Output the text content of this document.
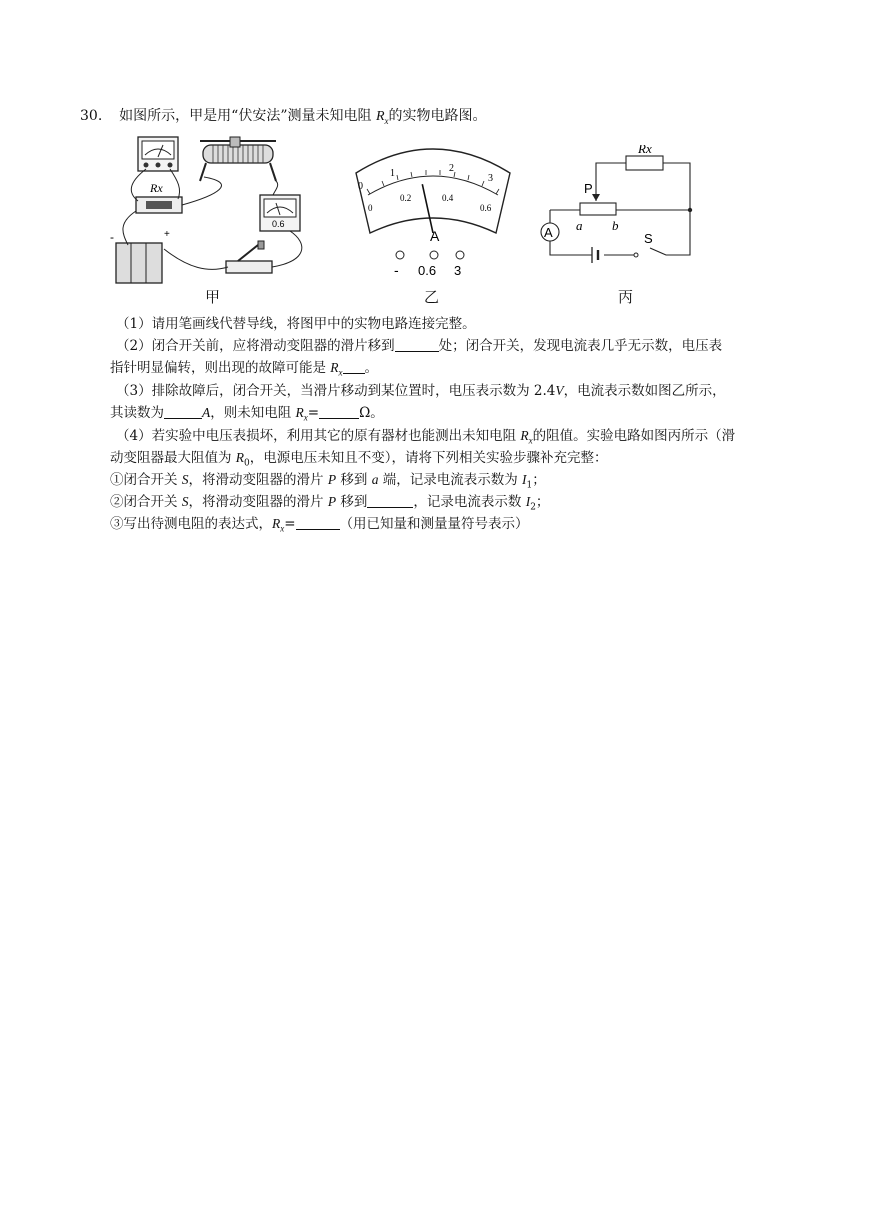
30. 如图所示，甲是用“伏安法”测量未知电阻 $R_x$的实物电路图。
Rx
0.6
-	+
1	2
3
0
0
0.2	0.4
0.6
A
- 0.6 3
Rx
P
a b
A	S
甲	乙	丙
（1）请用笔画线代替导线，将图甲中的实物电路连接完整。
（2）闭合开关前，应将滑动变阻器的滑片移到	处；闭合开关，发现电流表几乎无示数，电压表
指针明显偏转，则出现的故障可能是 $R_x$ 。
（3）排除故障后，闭合开关，当滑片移动到某位置时，电压表示数为 2.4V，电流表示数如图乙所示，
其读数为	A，则未知电阻 $R_x=$	Ω。
（4）若实验中电压表损坏，利用其它的原有器材也能测出未知电阻 $R_x$的阻值。实验电路如图丙所示（滑
动变阻器最大阻值为 $R_0$，电源电压未知且不变），请将下列相关实验步骤补充完整：
①闭合开关 S，将滑动变阻器的滑片 P 移到 a 端，记录电流表示数为 $I_1$；
②闭合开关 S，将滑动变阻器的滑片 P 移到	，记录电流表示数 $I_2$；
③写出待测电阻的表达式，$R_x=$	（用已知量和测量量符号表示）
